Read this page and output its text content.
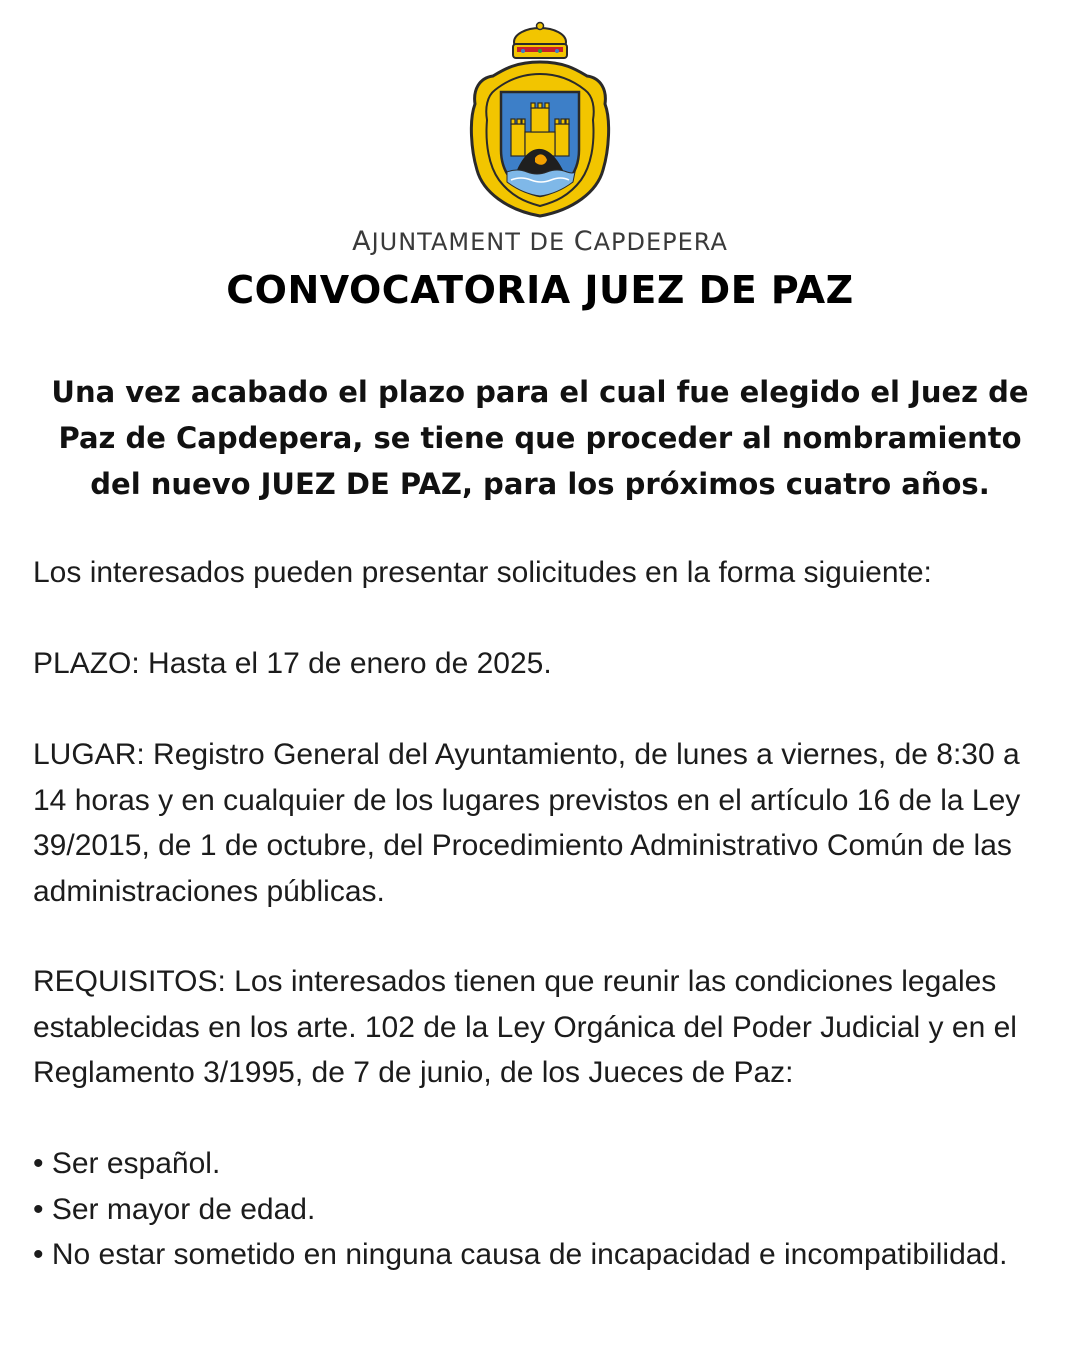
AJUNTAMENT DE CAPDEPERA
CONVOCATORIA JUEZ DE PAZ

Una vez acabado el plazo para el cual fue elegido el Juez de Paz de Capdepera, se tiene que proceder al nombramiento del nuevo JUEZ DE PAZ, para los próximos cuatro años.

Los interesados pueden presentar solicitudes en la forma siguiente:

PLAZO: Hasta el 17 de enero de 2025.

LUGAR: Registro General del Ayuntamiento, de lunes a viernes, de 8:30 a 14 horas y en cualquier de los lugares previstos en el artículo 16 de la Ley 39/2015, de 1 de octubre, del Procedimiento Administrativo Común de las administraciones públicas.

REQUISITOS: Los interesados tienen que reunir las condiciones legales establecidas en los arte. 102 de la Ley Orgánica del Poder Judicial y en el Reglamento 3/1995, de 7 de junio, de los Jueces de Paz:

• Ser español.
• Ser mayor de edad.
• No estar sometido en ninguna causa de incapacidad e incompatibilidad.
